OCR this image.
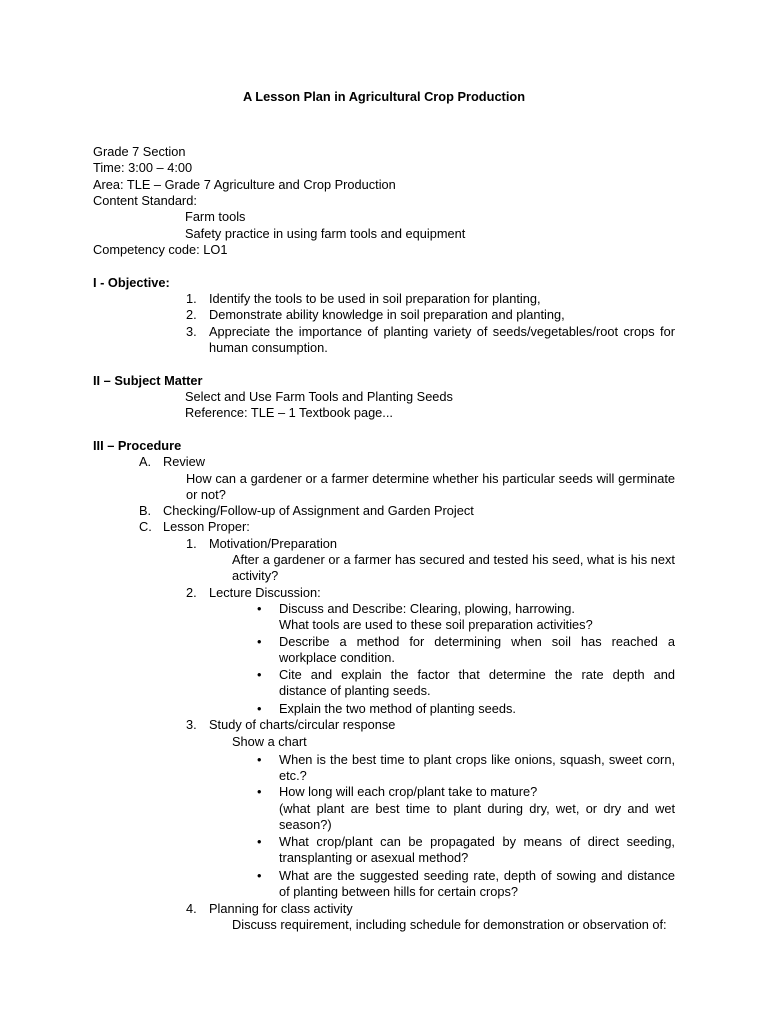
A Lesson Plan in Agricultural Crop Production
Grade 7 Section
Time: 3:00 – 4:00
Area: TLE – Grade 7 Agriculture and Crop Production
Content Standard:
Farm tools
Safety practice in using farm tools and equipment
Competency code: LO1
I - Objective:
1. Identify the tools to be used in soil preparation for planting,
2. Demonstrate ability knowledge in soil preparation and planting,
3. Appreciate the importance of planting variety of seeds/vegetables/root crops for
human consumption.
II – Subject Matter
Select and Use Farm Tools and Planting Seeds
Reference: TLE – 1 Textbook page...
III – Procedure
A. Review
How can a gardener or a farmer determine whether his particular seeds will germinate
or not?
B. Checking/Follow-up of Assignment and Garden Project
C. Lesson Proper:
1. Motivation/Preparation
After a gardener or a farmer has secured and tested his seed, what is his next
activity?
2. Lecture Discussion:
• Discuss and Describe: Clearing, plowing, harrowing.
What tools are used to these soil preparation activities?
• Describe a method for determining when soil has reached a
workplace condition.
• Cite and explain the factor that determine the rate depth and
distance of planting seeds.
• Explain the two method of planting seeds.
3. Study of charts/circular response
Show a chart
• When is the best time to plant crops like onions, squash, sweet corn,
etc.?
• How long will each crop/plant take to mature?
(what plant are best time to plant during dry, wet, or dry and wet
season?)
• What crop/plant can be propagated by means of direct seeding,
transplanting or asexual method?
• What are the suggested seeding rate, depth of sowing and distance
of planting between hills for certain crops?
4. Planning for class activity
Discuss requirement, including schedule for demonstration or observation of:
